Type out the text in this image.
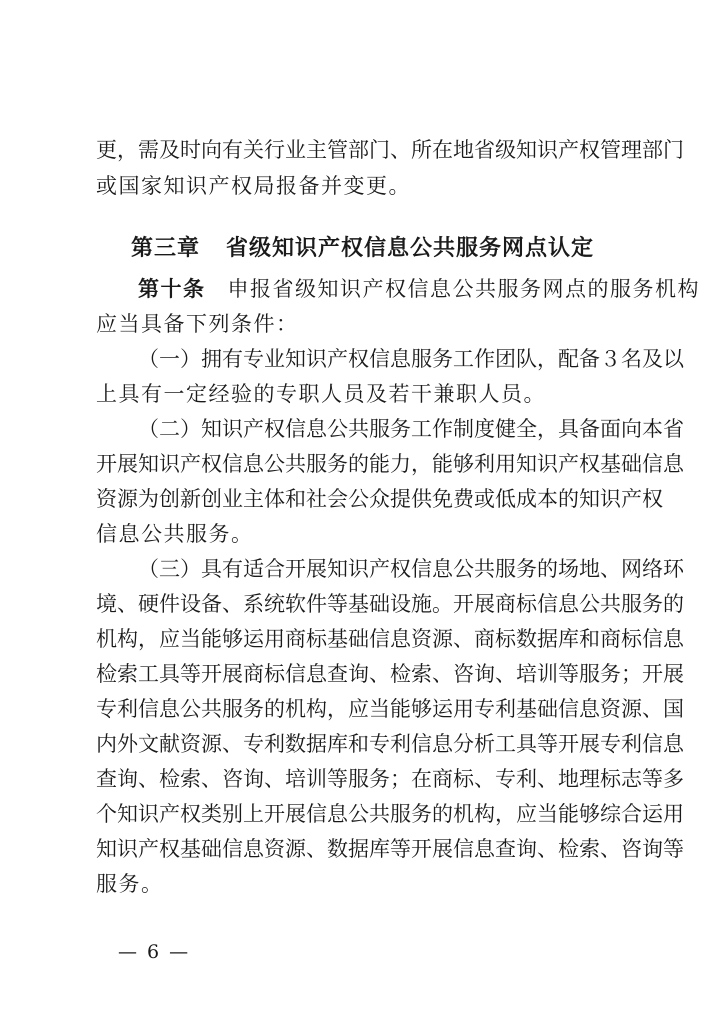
更，需及时向有关行业主管部门、所在地省级知识产权管理部门
或国家知识产权局报备并变更。
第三章 省级知识产权信息公共服务网点认定
第十条 申报省级知识产权信息公共服务网点的服务机构
应当具备下列条件：
（一）拥有专业知识产权信息服务工作团队，配备３名及以
上具有一定经验的专职人员及若干兼职人员。
（二）知识产权信息公共服务工作制度健全，具备面向本省
开展知识产权信息公共服务的能力，能够利用知识产权基础信息
资源为创新创业主体和社会公众提供免费或低成本的知识产权
信息公共服务。
（三）具有适合开展知识产权信息公共服务的场地、网络环
境、硬件设备、系统软件等基础设施。开展商标信息公共服务的
机构，应当能够运用商标基础信息资源、商标数据库和商标信息
检索工具等开展商标信息查询、检索、咨询、培训等服务；开展
专利信息公共服务的机构，应当能够运用专利基础信息资源、国
内外文献资源、专利数据库和专利信息分析工具等开展专利信息
查询、检索、咨询、培训等服务；在商标、专利、地理标志等多
个知识产权类别上开展信息公共服务的机构，应当能够综合运用
知识产权基础信息资源、数据库等开展信息查询、检索、咨询等
服务。
— 6 —
